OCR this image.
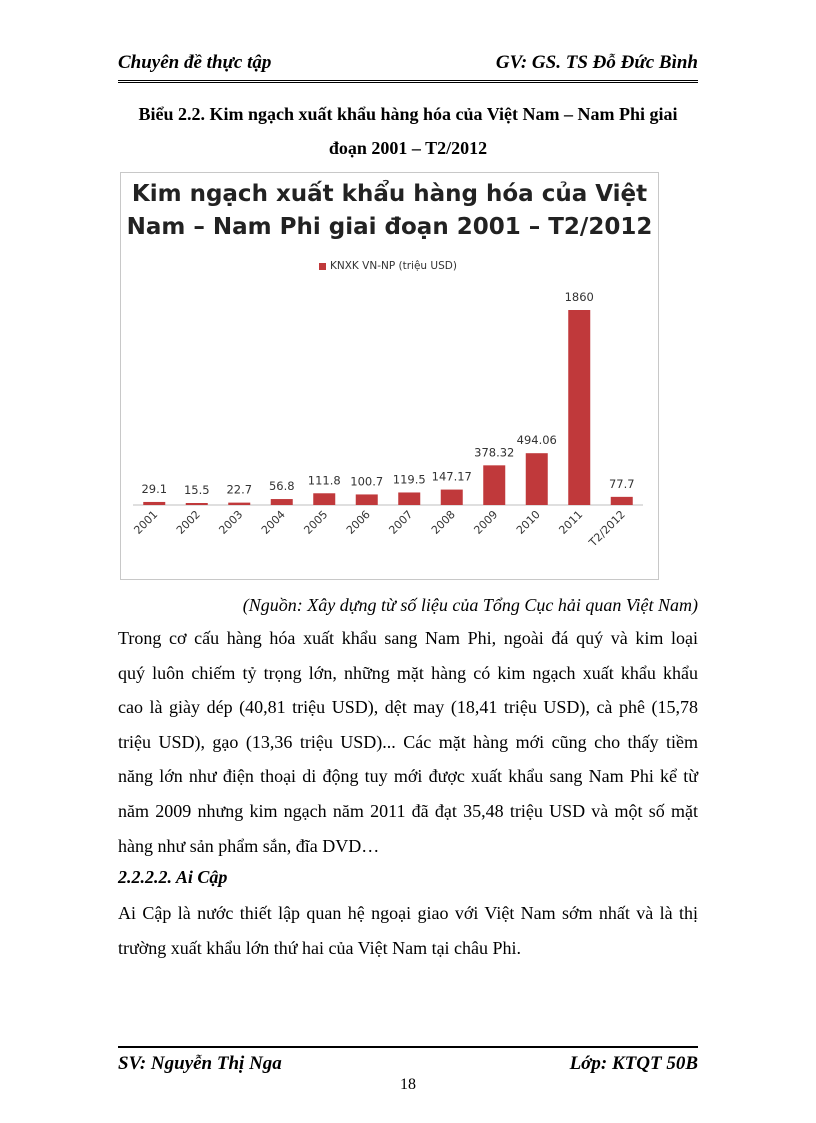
Chuyên đề thực tập	GV: GS. TS Đỗ Đức Bình
Biểu 2.2. Kim ngạch xuất khẩu hàng hóa của Việt Nam – Nam Phi giai
đoạn 2001 – T2/2012
Kim ngạch xuất khẩu hàng hóa của Việt
Nam – Nam Phi giai đoạn 2001 – T2/2012
KNXK VN-NP (triệu USD)
29.1
2001
15.5
2002
22.7
2003
56.8
2004
111.8
2005
100.7
2006
119.5
2007
147.17
2008
378.32
2009
494.06
2010
1860
2011
77.7
T2/2012
(Nguồn: Xây dựng từ số liệu của Tổng Cục hải quan Việt Nam)
Trong cơ cấu hàng hóa xuất khẩu sang Nam Phi, ngoài đá quý và kim loại
quý luôn chiếm tỷ trọng lớn, những mặt hàng có kim ngạch xuất khẩu khẩu
cao là giày dép (40,81 triệu USD), dệt may (18,41 triệu USD), cà phê (15,78
triệu USD), gạo (13,36 triệu USD)... Các mặt hàng mới cũng cho thấy tiềm
năng lớn như điện thoại di động tuy mới được xuất khẩu sang Nam Phi kể từ
năm 2009 nhưng kim ngạch năm 2011 đã đạt 35,48 triệu USD và một số mặt
hàng như sản phẩm sắn, đĩa DVD…
2.2.2.2. Ai Cập
Ai Cập là nước thiết lập quan hệ ngoại giao với Việt Nam sớm nhất và là thị
trường xuất khẩu lớn thứ hai của Việt Nam tại châu Phi.
SV: Nguyễn Thị Nga	Lớp: KTQT 50B
18
